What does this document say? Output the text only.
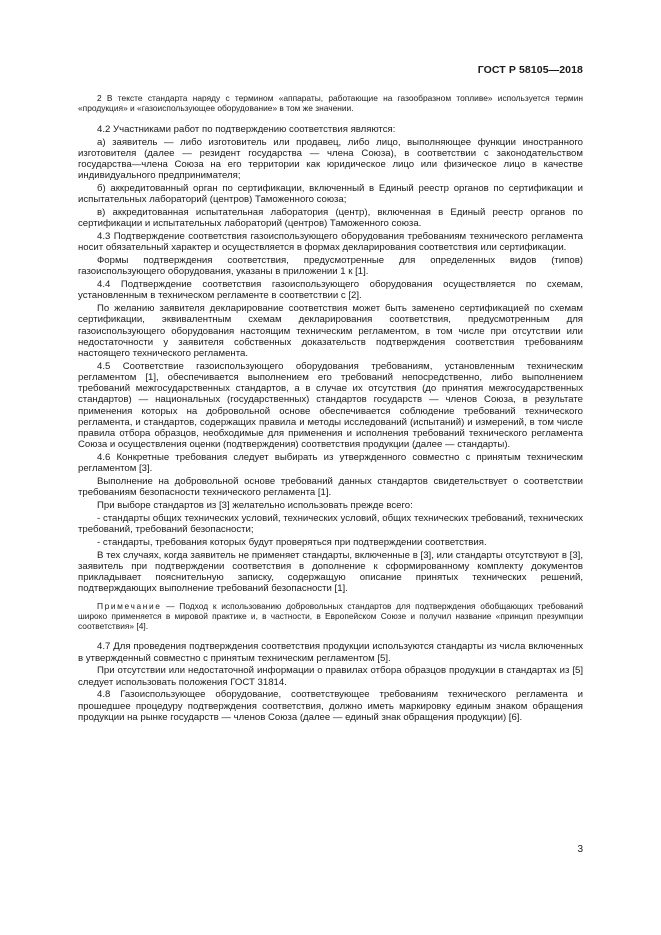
ГОСТ Р 58105—2018

2 В тексте стандарта наряду с термином «аппараты, работающие на газообразном топливе» используется термин «продукция» и «газоиспользующее оборудование» в том же значении.

4.2 Участниками работ по подтверждению соответствия являются:

а) заявитель — либо изготовитель или продавец, либо лицо, выполняющее функции иностранного изготовителя (далее — резидент государства — члена Союза), в соответствии с законодательством государства—члена Союза на его территории как юридическое лицо или физическое лицо в качестве индивидуального предпринимателя;

б) аккредитованный орган по сертификации, включенный в Единый реестр органов по сертификации и испытательных лабораторий (центров) Таможенного союза;

в) аккредитованная испытательная лаборатория (центр), включенная в Единый реестр органов по сертификации и испытательных лабораторий (центров) Таможенного союза.

4.3 Подтверждение соответствия газоиспользующего оборудования требованиям технического регламента носит обязательный характер и осуществляется в формах декларирования соответствия или сертификации.

Формы подтверждения соответствия, предусмотренные для определенных видов (типов) газоиспользующего оборудования, указаны в приложении 1 к [1].

4.4 Подтверждение соответствия газоиспользующего оборудования осуществляется по схемам, установленным в техническом регламенте в соответствии с [2].

По желанию заявителя декларирование соответствия может быть заменено сертификацией по схемам сертификации, эквивалентным схемам декларирования соответствия, предусмотренным для газоиспользующего оборудования настоящим техническим регламентом, в том числе при отсутствии или недостаточности у заявителя собственных доказательств подтверждения соответствия требованиям настоящего технического регламента.

4.5 Соответствие газоиспользующего оборудования требованиям, установленным техническим регламентом [1], обеспечивается выполнением его требований непосредственно, либо выполнением требований межгосударственных стандартов, а в случае их отсутствия (до принятия межгосударственных стандартов) — национальных (государственных) стандартов государств — членов Союза, в результате применения которых на добровольной основе обеспечивается соблюдение требований технического регламента, и стандартов, содержащих правила и методы исследований (испытаний) и измерений, в том числе правила отбора образцов, необходимые для применения и исполнения требований технического регламента Союза и осуществления оценки (подтверждения) соответствия продукции (далее — стандарты).

4.6 Конкретные требования следует выбирать из утвержденного совместно с принятым техническим регламентом [3].

Выполнение на добровольной основе требований данных стандартов свидетельствует о соответствии требованиям безопасности технического регламента [1].

При выборе стандартов из [3] желательно использовать прежде всего:

- стандарты общих технических условий, технических условий, общих технических требований, технических требований, требований безопасности;

- стандарты, требования которых будут проверяться при подтверждении соответствия.

В тех случаях, когда заявитель не применяет стандарты, включенные в [3], или стандарты отсутствуют в [3], заявитель при подтверждении соответствия в дополнение к сформированному комплекту документов прикладывает пояснительную записку, содержащую описание принятых технических решений, подтверждающих выполнение требований безопасности [1].

Примечание — Подход к использованию добровольных стандартов для подтверждения обобщающих требований широко применяется в мировой практике и, в частности, в Европейском Союзе и получил название «принцип презумпции соответствия» [4].

4.7 Для проведения подтверждения соответствия продукции используются стандарты из числа включенных в утвержденный совместно с принятым техническим регламентом [5].

При отсутствии или недостаточной информации о правилах отбора образцов продукции в стандартах из [5] следует использовать положения ГОСТ 31814.

4.8 Газоиспользующее оборудование, соответствующее требованиям технического регламента и прошедшее процедуру подтверждения соответствия, должно иметь маркировку единым знаком обращения продукции на рынке государств — членов Союза (далее — единый знак обращения продукции) [6].

3
